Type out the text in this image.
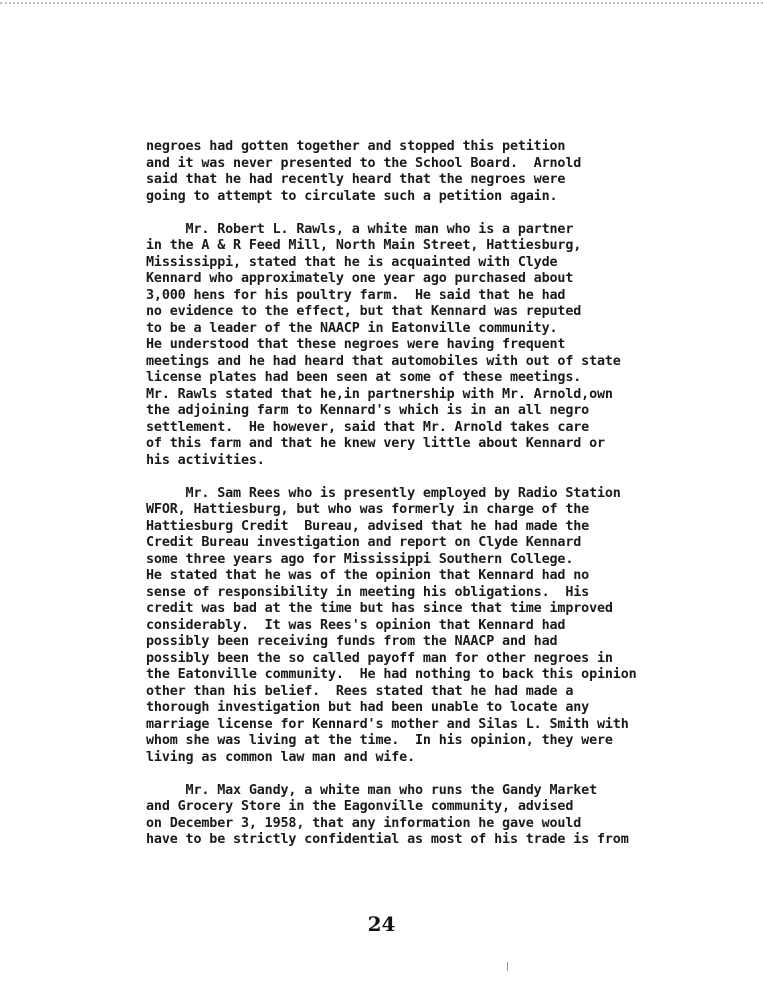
negroes had gotten together and stopped this petition
and it was never presented to the School Board.  Arnold
said that he had recently heard that the negroes were
going to attempt to circulate such a petition again.

Mr. Robert L. Rawls, a white man who is a partner
in the A & R Feed Mill, North Main Street, Hattiesburg,
Mississippi, stated that he is acquainted with Clyde
Kennard who approximately one year ago purchased about
3,000 hens for his poultry farm.  He said that he had
no evidence to the effect, but that Kennard was reputed
to be a leader of the NAACP in Eatonville community.
He understood that these negroes were having frequent
meetings and he had heard that automobiles with out of state
license plates had been seen at some of these meetings.
Mr. Rawls stated that he,in partnership with Mr. Arnold,own
the adjoining farm to Kennard's which is in an all negro
settlement.  He however, said that Mr. Arnold takes care
of this farm and that he knew very little about Kennard or
his activities.

Mr. Sam Rees who is presently employed by Radio Station
WFOR, Hattiesburg, but who was formerly in charge of the
Hattiesburg Credit  Bureau, advised that he had made the
Credit Bureau investigation and report on Clyde Kennard
some three years ago for Mississippi Southern College.
He stated that he was of the opinion that Kennard had no
sense of responsibility in meeting his obligations.  His
credit was bad at the time but has since that time improved
considerably.  It was Rees's opinion that Kennard had
possibly been receiving funds from the NAACP and had
possibly been the so called payoff man for other negroes in
the Eatonville community.  He had nothing to back this opinion
other than his belief.  Rees stated that he had made a
thorough investigation but had been unable to locate any
marriage license for Kennard's mother and Silas L. Smith with
whom she was living at the time.  In his opinion, they were
living as common law man and wife.

Mr. Max Gandy, a white man who runs the Gandy Market
and Grocery Store in the Eagonville community, advised
on December 3, 1958, that any information he gave would
have to be strictly confidential as most of his trade is from

24
